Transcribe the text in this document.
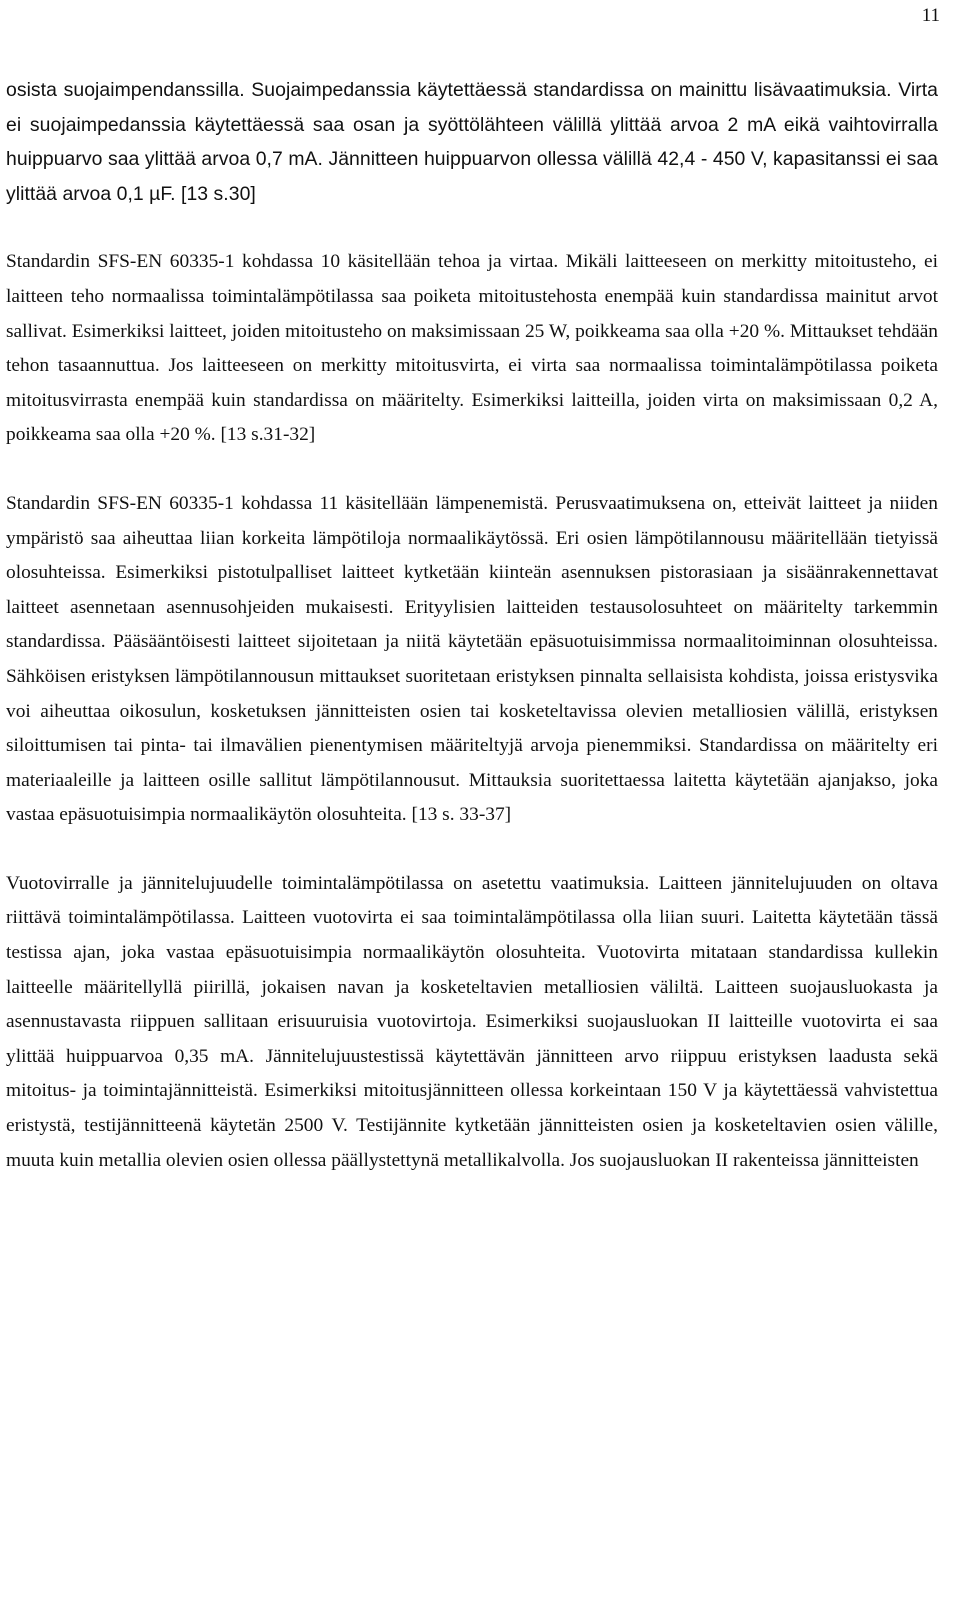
11

osista suojaimpendanssilla. Suojaimpedanssia käytettäessä standardissa on mainittu lisävaatimuksia. Virta ei suojaimpedanssia käytettäessä saa osan ja syöttölähteen välillä ylittää arvoa 2 mA eikä vaihtovirralla huippuarvo saa ylittää arvoa 0,7 mA. Jännitteen huippuarvon ollessa välillä 42,4 - 450 V, kapasitanssi ei saa ylittää arvoa 0,1 µF. [13 s.30]

Standardin SFS-EN 60335-1 kohdassa 10 käsitellään tehoa ja virtaa. Mikäli laitteeseen on merkitty mitoitusteho, ei laitteen teho normaalissa toimintalämpötilassa saa poiketa mitoitustehosta enempää kuin standardissa mainitut arvot sallivat. Esimerkiksi laitteet, joiden mitoitusteho on maksimissaan 25 W, poikkeama saa olla +20 %. Mittaukset tehdään tehon tasaannuttua. Jos laitteeseen on merkitty mitoitusvirta, ei virta saa normaalissa toimintalämpötilassa poiketa mitoitusvirrasta enempää kuin standardissa on määritelty. Esimerkiksi laitteilla, joiden virta on maksimissaan 0,2 A, poikkeama saa olla +20 %. [13 s.31-32]

Standardin SFS-EN 60335-1 kohdassa 11 käsitellään lämpenemistä. Perusvaatimuksena on, etteivät laitteet ja niiden ympäristö saa aiheuttaa liian korkeita lämpötiloja normaalikäytössä. Eri osien lämpötilannousu määritellään tietyissä olosuhteissa. Esimerkiksi pistotulpalliset laitteet kytketään kiinteän asennuksen pistorasiaan ja sisäänrakennettavat laitteet asennetaan asennusohjeiden mukaisesti. Erityylisien laitteiden testausolosuhteet on määritelty tarkemmin standardissa. Pääsääntöisesti laitteet sijoitetaan ja niitä käytetään epäsuotuisimmissa normaalitoiminnan olosuhteissa. Sähköisen eristyksen lämpötilannousun mittaukset suoritetaan eristyksen pinnalta sellaisista kohdista, joissa eristysvika voi aiheuttaa oikosulun, kosketuksen jännitteisten osien tai kosketeltavissa olevien metalliosien välillä, eristyksen siloittumisen tai pinta- tai ilmavälien pienentymisen määriteltyjä arvoja pienemmiksi. Standardissa on määritelty eri materiaaleille ja laitteen osille sallitut lämpötilannousut. Mittauksia suoritettaessa laitetta käytetään ajanjakso, joka vastaa epäsuotuisimpia normaalikäytön olosuhteita. [13 s. 33-37]

Vuotovirralle ja jännitelujuudelle toimintalämpötilassa on asetettu vaatimuksia. Laitteen jännitelujuuden on oltava riittävä toimintalämpötilassa. Laitteen vuotovirta ei saa toimintalämpötilassa olla liian suuri. Laitetta käytetään tässä testissa ajan, joka vastaa epäsuotuisimpia normaalikäytön olosuhteita. Vuotovirta mitataan standardissa kullekin laitteelle määritellyllä piirillä, jokaisen navan ja kosketeltavien metalliosien väliltä. Laitteen suojausluokasta ja asennustavasta riippuen sallitaan erisuuruisia vuotovirtoja. Esimerkiksi suojausluokan II laitteille vuotovirta ei saa ylittää huippuarvoa 0,35 mA. Jännitelujuustestissä käytettävän jännitteen arvo riippuu eristyksen laadusta sekä mitoitus- ja toimintajännitteistä. Esimerkiksi mitoitusjännitteen ollessa korkeintaan 150 V ja käytettäessä vahvistettua eristystä, testijännitteenä käytetän 2500 V. Testijännite kytketään jännitteisten osien ja kosketeltavien osien välille, muuta kuin metallia olevien osien ollessa päällystettynä metallikalvolla. Jos suojausluokan II rakenteissa jännitteisten
